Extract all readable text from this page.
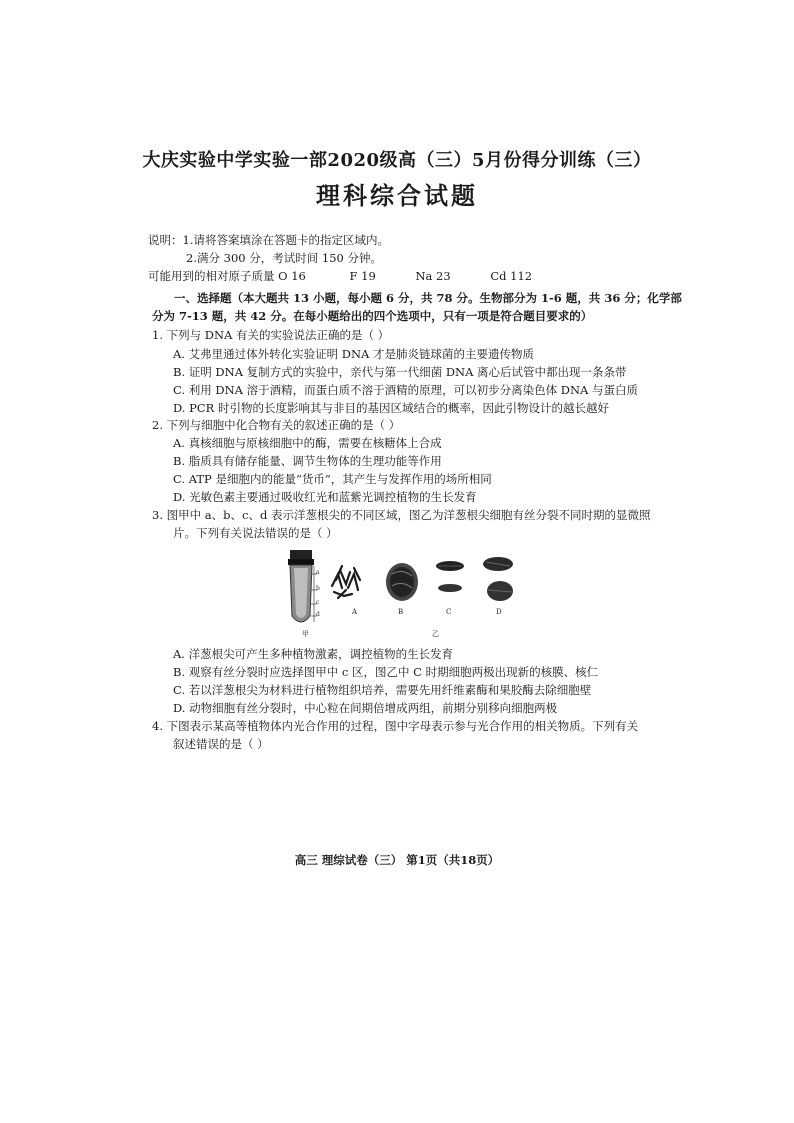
大庆实验中学实验一部2020级高（三）5月份得分训练（三）
理科综合试题
说明：1.请将答案填涂在答题卡的指定区域内。
2.满分 300 分，考试时间 150 分钟。
可能用到的相对原子质量 O 16	F 19	Na 23	Cd 112
一、选择题（本大题共 13 小题，每小题 6 分，共 78 分。生物部分为 1-6 题，共 36 分；化学部
分为 7-13 题，共 42 分。在每小题给出的四个选项中，只有一项是符合题目要求的）
1. 下列与 DNA 有关的实验说法正确的是（ ）
A. 艾弗里通过体外转化实验证明 DNA 才是肺炎链球菌的主要遗传物质
B. 证明 DNA 复制方式的实验中，亲代与第一代细菌 DNA 离心后试管中都出现一条条带
C. 利用 DNA 溶于酒精，而蛋白质不溶于酒精的原理，可以初步分离染色体 DNA 与蛋白质
D. PCR 时引物的长度影响其与非目的基因区域结合的概率，因此引物设计的越长越好
2. 下列与细胞中化合物有关的叙述正确的是（ ）
A. 真核细胞与原核细胞中的酶，需要在核糖体上合成
B. 脂质具有储存能量、调节生物体的生理功能等作用
C. ATP 是细胞内的能量“货币”，其产生与发挥作用的场所相同
D. 光敏色素主要通过吸收红光和蓝紫光调控植物的生长发育
3. 图甲中 a、b、c、d 表示洋葱根尖的不同区域，图乙为洋葱根尖细胞有丝分裂不同时期的显微照
片。下列有关说法错误的是（ ）
a
b
c
d	A	B	C	D
甲	乙
A. 洋葱根尖可产生多种植物激素，调控植物的生长发育
B. 观察有丝分裂时应选择图甲中 c 区，图乙中 C 时期细胞两极出现新的核膜、核仁
C. 若以洋葱根尖为材料进行植物组织培养，需要先用纤维素酶和果胶酶去除细胞壁
D. 动物细胞有丝分裂时，中心粒在间期倍增成两组，前期分别移向细胞两极
4. 下图表示某高等植物体内光合作用的过程，图中字母表示参与光合作用的相关物质。下列有关
叙述错误的是（ ）
高三 理综试卷（三） 第1页（共18页）
